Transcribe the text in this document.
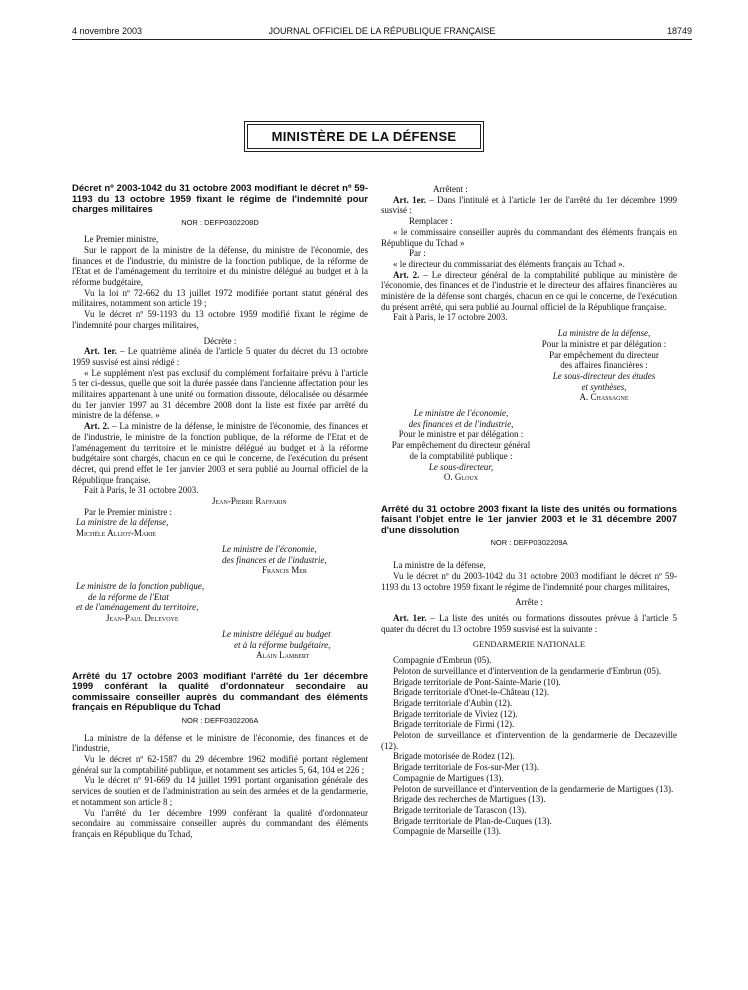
4 novembre 2003	JOURNAL OFFICIEL DE LA RÉPUBLIQUE FRANÇAISE	18749
MINISTÈRE DE LA DÉFENSE

Décret nº 2003-1042 du 31 octobre 2003 modifiant le décret nº 59-1193 du 13 octobre 1959 fixant le régime de l'indemnité pour charges militaires

NOR : DEFP0302208D

Le Premier ministre,

Sur le rapport de la ministre de la défense, du ministre de l'économie, des finances et de l'industrie, du ministre de la fonction publique, de la réforme de l'Etat et de l'aménagement du territoire et du ministre délégué au budget et à la réforme budgétaire,

Vu la loi nº 72-662 du 13 juillet 1972 modifiée portant statut général des militaires, notamment son article 19 ;

Vu le décret nº 59-1193 du 13 octobre 1959 modifié fixant le régime de l'indemnité pour charges militaires,

Décrète :

Art. 1er. – Le quatrième alinéa de l'article 5 quater du décret du 13 octobre 1959 susvisé est ainsi rédigé :

« Le supplément n'est pas exclusif du complément forfaitaire prévu à l'article 5 ter ci-dessus, quelle que soit la durée passée dans l'ancienne affectation pour les militaires appartenant à une unité ou formation dissoute, délocalisée ou désarmée du 1er janvier 1997 au 31 décembre 2008 dont la liste est fixée par arrêté du ministre de la défense. »

Art. 2. – La ministre de la défense, le ministre de l'économie, des finances et de l'industrie, le ministre de la fonction publique, de la réforme de l'Etat et de l'aménagement du territoire et le ministre délégué au budget et à la réforme budgétaire sont chargés, chacun en ce qui le concerne, de l'exécution du présent décret, qui prend effet le 1er janvier 2003 et sera publié au Journal officiel de la République française.

Fait à Paris, le 31 octobre 2003.

Jean-Pierre Raffarin

Par le Premier ministre :

La ministre de la défense,

Michèle Alliot-Marie

Le ministre de l'économie,

des finances et de l'industrie,

Francis Mer

Le ministre de la fonction publique,

de la réforme de l'Etat

et de l'aménagement du territoire,

Jean-Paul Delevoye

Le ministre délégué au budget

et à la réforme budgétaire,

Alain Lambert

Arrêté du 17 octobre 2003 modifiant l'arrêté du 1er décembre 1999 conférant la qualité d'ordonnateur secondaire au commissaire conseiller auprès du commandant des éléments français en République du Tchad

NOR : DEFF0302206A

La ministre de la défense et le ministre de l'économie, des finances et de l'industrie,

Vu le décret nº 62-1587 du 29 décembre 1962 modifié portant règlement général sur la comptabilité publique, et notamment ses articles 5, 64, 104 et 226 ;

Vu le décret nº 91-669 du 14 juillet 1991 portant organisation générale des services de soutien et de l'administration au sein des armées et de la gendarmerie, et notamment son article 8 ;

Vu l'arrêté du 1er décembre 1999 conférant la qualité d'ordonnateur secondaire au commissaire conseiller auprès du commandant des éléments français en République du Tchad,

Arrêtent :

Art. 1er. – Dans l'intitulé et à l'article 1er de l'arrêté du 1er décembre 1999 susvisé :

Remplacer :

« le commissaire conseiller auprès du commandant des éléments français en République du Tchad »

Par :

« le directeur du commissariat des éléments français au Tchad ».

Art. 2. – Le directeur général de la comptabilité publique au ministère de l'économie, des finances et de l'industrie et le directeur des affaires financières au ministère de la défense sont chargés, chacun en ce qui le concerne, de l'exécution du présent arrêté, qui sera publié au Journal officiel de la République française.

Fait à Paris, le 17 octobre 2003.

La ministre de la défense,

Pour la ministre et par délégation :

Par empêchement du directeur

des affaires financières :

Le sous-directeur des études

et synthèses,

A. Chassagne

Le ministre de l'économie,

des finances et de l'industrie,

Pour le ministre et par délégation :

Par empêchement du directeur général

de la comptabilité publique :

Le sous-directeur,

O. Gloux

Arrêté du 31 octobre 2003 fixant la liste des unités ou formations faisant l'objet entre le 1er janvier 2003 et le 31 décembre 2007 d'une dissolution

NOR : DEFP0302209A

La ministre de la défense,

Vu le décret nº du 2003-1042 du 31 octobre 2003 modifiant le décret nº 59-1193 du 13 octobre 1959 fixant le régime de l'indemnité pour charges militaires,

Arrête :

Art. 1er. – La liste des unités ou formations dissoutes prévue à l'article 5 quater du décret du 13 octobre 1959 susvisé est la suivante :

GENDARMERIE NATIONALE

Compagnie d'Embrun (05).

Peloton de surveillance et d'intervention de la gendarmerie d'Embrun (05).

Brigade territoriale de Pont-Sainte-Marie (10).

Brigade territoriale d'Onet-le-Château (12).

Brigade territoriale d'Aubin (12).

Brigade territoriale de Viviez (12).

Brigade territoriale de Firmi (12).

Peloton de surveillance et d'intervention de la gendarmerie de Decazeville (12).

Brigade motorisée de Rodez (12).

Brigade territoriale de Fos-sur-Mer (13).

Compagnie de Martigues (13).

Peloton de surveillance et d'intervention de la gendarmerie de Martigues (13).

Brigade des recherches de Martigues (13).

Brigade territoriale de Tarascon (13).

Brigade territoriale de Plan-de-Cuques (13).

Compagnie de Marseille (13).
